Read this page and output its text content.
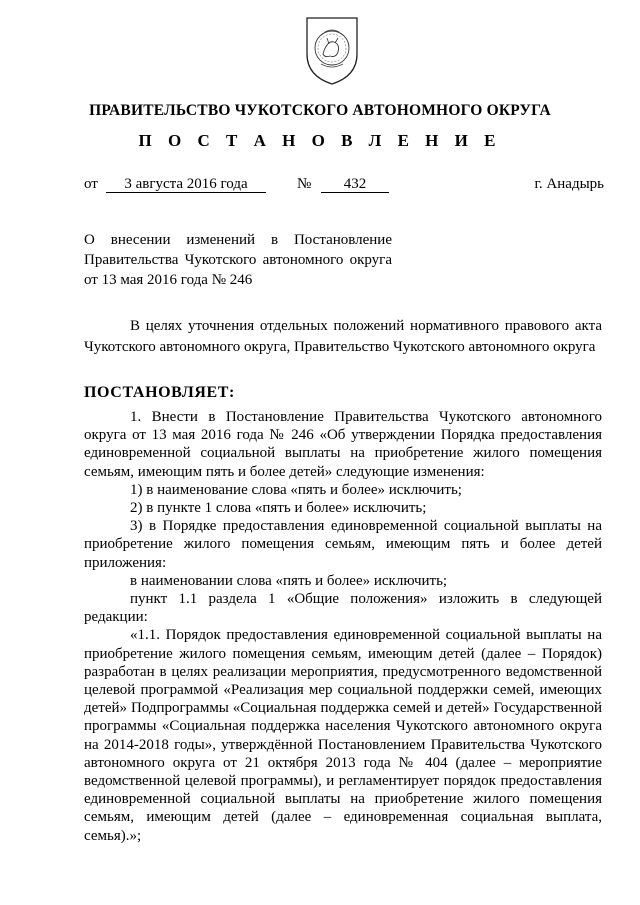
ПРАВИТЕЛЬСТВО ЧУКОТСКОГО АВТОНОМНОГО ОКРУГА
П О С Т А Н О В Л Е Н И Е
от	3 августа 2016 года	№	432	г. Анадырь
О внесении изменений в Постановление
Правительства Чукотского автономного округа
от 13 мая 2016 года № 246

В целях уточнения отдельных положений нормативного правового акта Чукотского автономного округа, Правительство Чукотского автономного округа

ПОСТАНОВЛЯЕТ:

1. Внести в Постановление Правительства Чукотского автономного округа от 13 мая 2016 года № 246 «Об утверждении Порядка предоставления единовременной социальной выплаты на приобретение жилого помещения семьям, имеющим пять и более детей» следующие изменения:

1) в наименование слова «пять и более» исключить;

2) в пункте 1 слова «пять и более» исключить;

3) в Порядке предоставления единовременной социальной выплаты на приобретение жилого помещения семьям, имеющим пять и более детей приложения:

в наименовании слова «пять и более» исключить;

пункт 1.1 раздела 1 «Общие положения» изложить в следующей редакции:

«1.1. Порядок предоставления единовременной социальной выплаты на приобретение жилого помещения семьям, имеющим детей (далее – Порядок) разработан в целях реализации мероприятия, предусмотренного ведомственной целевой программой «Реализация мер социальной поддержки семей, имеющих детей» Подпрограммы «Социальная поддержка семей и детей» Государственной программы «Социальная поддержка населения Чукотского автономного округа на 2014-2018 годы», утверждённой Постановлением Правительства Чукотского автономного округа от 21 октября 2013 года № 404 (далее – мероприятие ведомственной целевой программы), и регламентирует порядок предоставления единовременной социальной выплаты на приобретение жилого помещения семьям, имеющим детей (далее – единовременная социальная выплата, семья).»;
